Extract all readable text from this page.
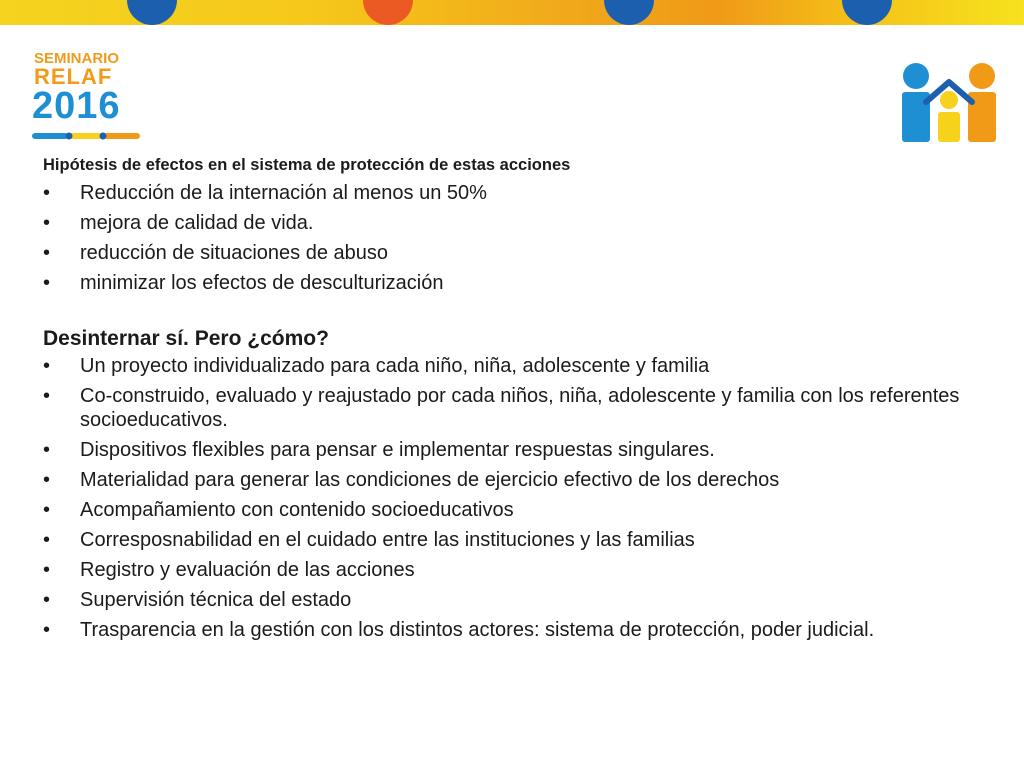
SEMINARIO
RELAF
2016
Hipótesis de efectos en el sistema de protección de estas acciones
• Reducción de la internación al menos un 50%
• mejora de calidad de vida.
• reducción de situaciones de abuso
• minimizar los efectos de desculturización
Desinternar sí. Pero ¿cómo?
• Un proyecto individualizado para cada niño, niña, adolescente y familia
• Co-construido, evaluado y reajustado por cada niños, niña, adolescente y familia con los referentes socioeducativos.
• Dispositivos flexibles para pensar e implementar respuestas singulares.
• Materialidad para generar las condiciones de ejercicio efectivo de los derechos
• Acompañamiento con contenido socioeducativos
• Corresposnabilidad en el cuidado entre las instituciones y las familias
• Registro y evaluación de las acciones
• Supervisión técnica del estado
• Trasparencia en la gestión con los distintos actores: sistema de protección, poder judicial.
